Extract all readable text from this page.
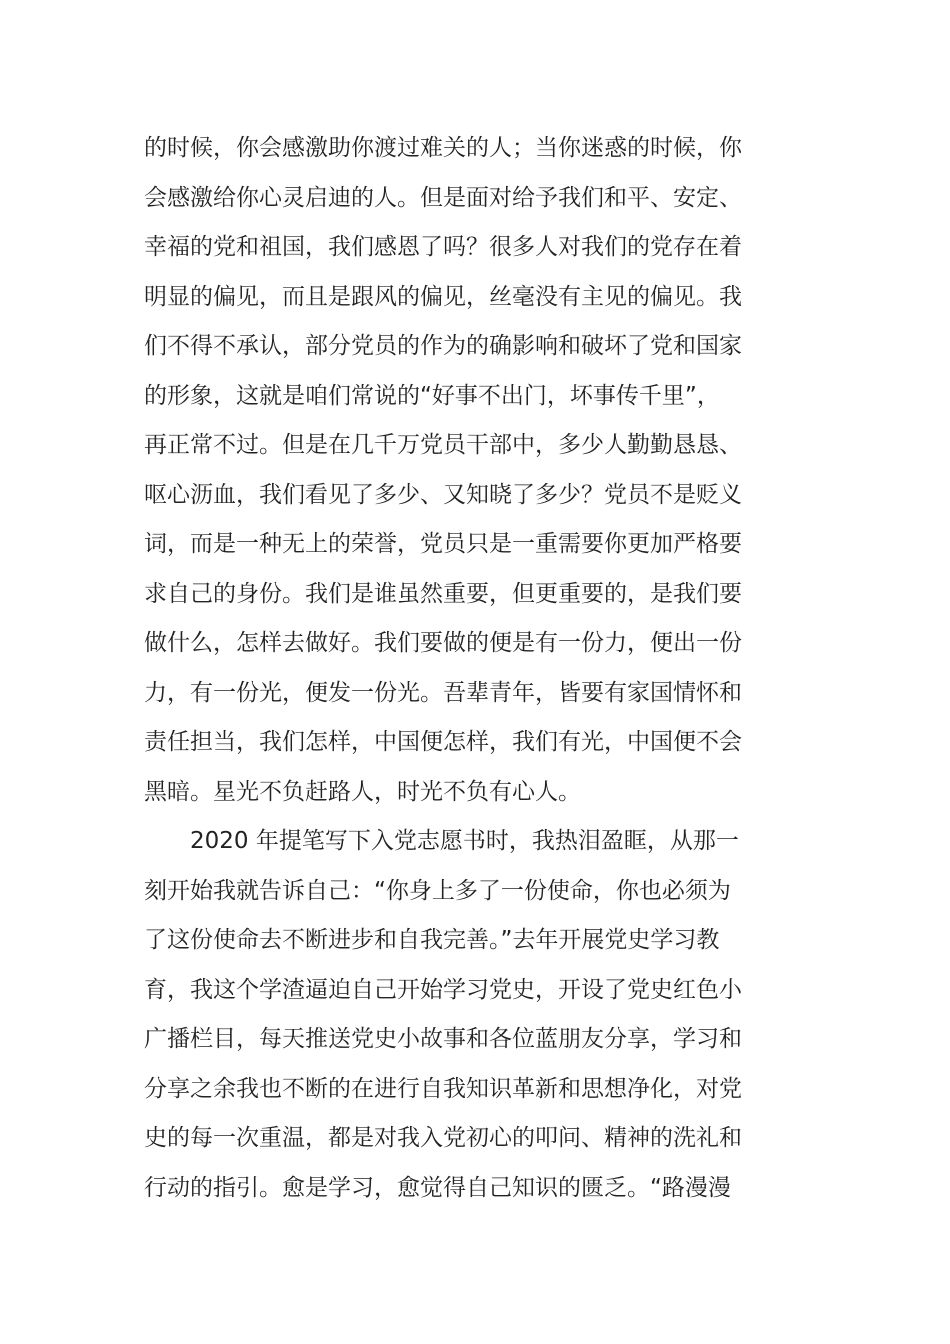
的时候，你会感激助你渡过难关的人；当你迷惑的时候，你
会感激给你心灵启迪的人。但是面对给予我们和平、安定、
幸福的党和祖国，我们感恩了吗？很多人对我们的党存在着
明显的偏见，而且是跟风的偏见，丝毫没有主见的偏见。我
们不得不承认，部分党员的作为的确影响和破坏了党和国家
的形象，这就是咱们常说的“好事不出门，坏事传千里”，
再正常不过。但是在几千万党员干部中，多少人勤勤恳恳、
呕心沥血，我们看见了多少、又知晓了多少？党员不是贬义
词，而是一种无上的荣誉，党员只是一重需要你更加严格要
求自己的身份。我们是谁虽然重要，但更重要的，是我们要
做什么，怎样去做好。我们要做的便是有一份力，便出一份
力，有一份光，便发一份光。吾辈青年，皆要有家国情怀和
责任担当，我们怎样，中国便怎样，我们有光，中国便不会
黑暗。星光不负赶路人，时光不负有心人。
　　2020 年提笔写下入党志愿书时，我热泪盈眶，从那一
刻开始我就告诉自己：“你身上多了一份使命，你也必须为
了这份使命去不断进步和自我完善。”去年开展党史学习教
育，我这个学渣逼迫自己开始学习党史，开设了党史红色小
广播栏目，每天推送党史小故事和各位蓝朋友分享，学习和
分享之余我也不断的在进行自我知识革新和思想净化，对党
史的每一次重温，都是对我入党初心的叩问、精神的洗礼和
行动的指引。愈是学习，愈觉得自己知识的匮乏。“路漫漫
